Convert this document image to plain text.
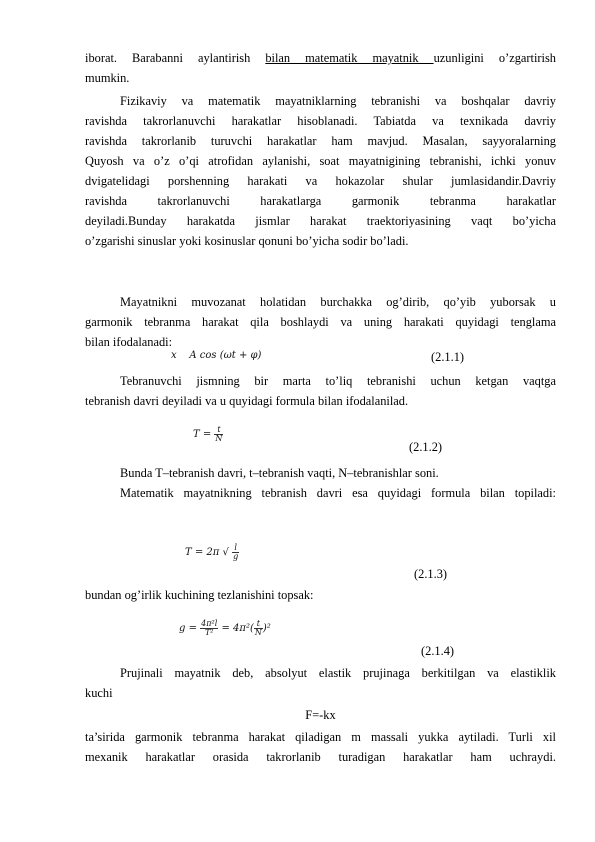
iborat. Barabanni aylantirish bilan matematik mayatnik uzunligini o’zgartirish
mumkin.
Fizikaviy va matematik mayatniklarning tebranishi va boshqalar davriy
ravishda takrorlanuvchi harakatlar hisoblanadi. Tabiatda va texnikada davriy
ravishda takrorlanib turuvchi harakatlar ham mavjud. Masalan, sayyoralarning
Quyosh va o’z o’qi atrofidan aylanishi, soat mayatnigining tebranishi, ichki yonuv
dvigatelidagi porshenning harakati va hokazolar shular jumlasidandir.Davriy
ravishda takrorlanuvchi harakatlarga garmonik tebranma harakatlar
deyiladi.Bunday harakatda jismlar harakat traektoriyasining vaqt bo’yicha
o’zgarishi sinuslar yoki kosinuslar qonuni bo’yicha sodir bo’ladi.
Mayatnikni muvozanat holatidan burchakka og’dirib, qo’yib yuborsak u
garmonik tebranma harakat qila boshlaydi va uning harakati quyidagi tenglama
bilan ifodalanadi:
x A cos (ωt + φ)	(2.1.1)
Tebranuvchi jismning bir marta to’liq tebranishi uchun ketgan vaqtga
tebranish davri deyiladi va u quyidagi formula bilan ifodalanilad.
$T = \frac{t}{N}$
(2.1.2)
Bunda T–tebranish davri, t–tebranish vaqti, N–tebranishlar soni.
Matematik mayatnikning tebranish davri esa quyidagi formula bilan topiladi:
T = 2π √ $\frac{l}{g}$
(2.1.3)
bundan og’irlik kuchining tezlanishini topsak:
$g = \frac{\text{4π²l}}{\text{T²}} = 4\pi^2( \frac{t}{N} )^2$
(2.1.4)
Prujinali mayatnik deb, absolyut elastik prujinaga berkitilgan va elastiklik
kuchi
F=-kx
ta’sirida garmonik tebranma harakat qiladigan m massali yukka aytiladi. Turli xil
mexanik harakatlar orasida takrorlanib turadigan harakatlar ham uchraydi.
